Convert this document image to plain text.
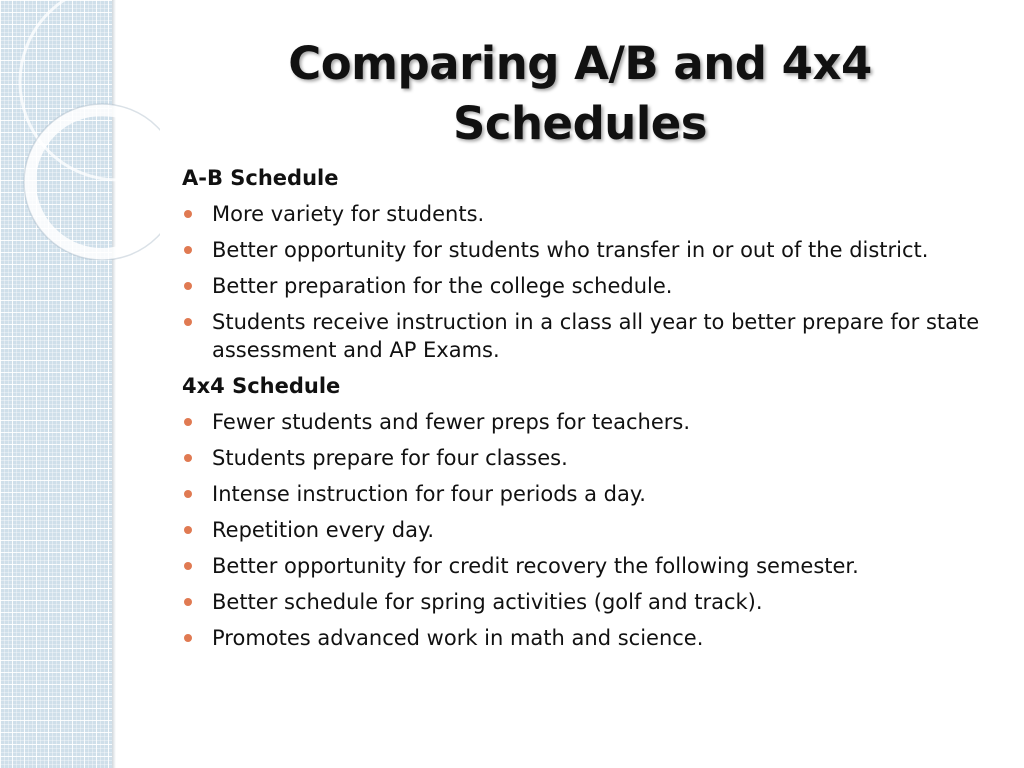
Comparing A/B and 4x4 Schedules
A-B Schedule
More variety for students.
Better opportunity for students who transfer in or out of the district.
Better preparation for the college schedule.
Students receive instruction in a class all year to better prepare for state assessment and AP Exams.
4x4 Schedule
Fewer students and fewer preps for teachers.
Students prepare for four classes.
Intense instruction for four periods a day.
Repetition every day.
Better opportunity for credit recovery the following semester.
Better schedule for spring activities (golf and track).
Promotes advanced work in math and science.
